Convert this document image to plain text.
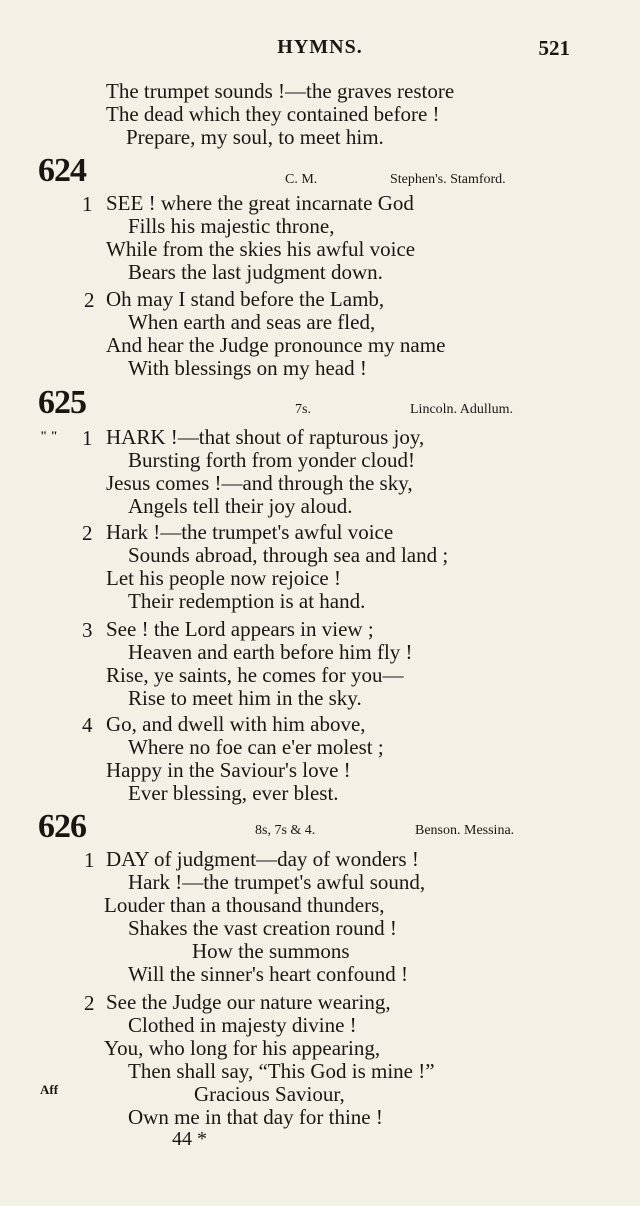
HYMNS.	521
The trumpet sounds !—the graves restore
The dead which they contained before !
Prepare, my soul, to meet him.
624	C. M.	Stephen's. Stamford.
1 SEE ! where the great incarnate God
Fills his majestic throne,
While from the skies his awful voice
Bears the last judgment down.
2 Oh may I stand before the Lamb,
When earth and seas are fled,
And hear the Judge pronounce my name
With blessings on my head !
625	7s.	Lincoln. Adullum.
" " 1 HARK !—that shout of rapturous joy,
Bursting forth from yonder cloud!
Jesus comes !—and through the sky,
Angels tell their joy aloud.
2 Hark !—the trumpet's awful voice
Sounds abroad, through sea and land ;
Let his people now rejoice !
Their redemption is at hand.
3 See ! the Lord appears in view ;
Heaven and earth before him fly !
Rise, ye saints, he comes for you—
Rise to meet him in the sky.
4 Go, and dwell with him above,
Where no foe can e'er molest ;
Happy in the Saviour's love !
Ever blessing, ever blest.
626	8s, 7s & 4.	Benson. Messina.
1 DAY of judgment—day of wonders !
Hark !—the trumpet's awful sound,
Louder than a thousand thunders,
Shakes the vast creation round !
How the summons
Will the sinner's heart confound !
2 See the Judge our nature wearing,
Clothed in majesty divine !
You, who long for his appearing,
Then shall say, “This God is mine !”
Aff	Gracious Saviour,
Own me in that day for thine !
44 *
